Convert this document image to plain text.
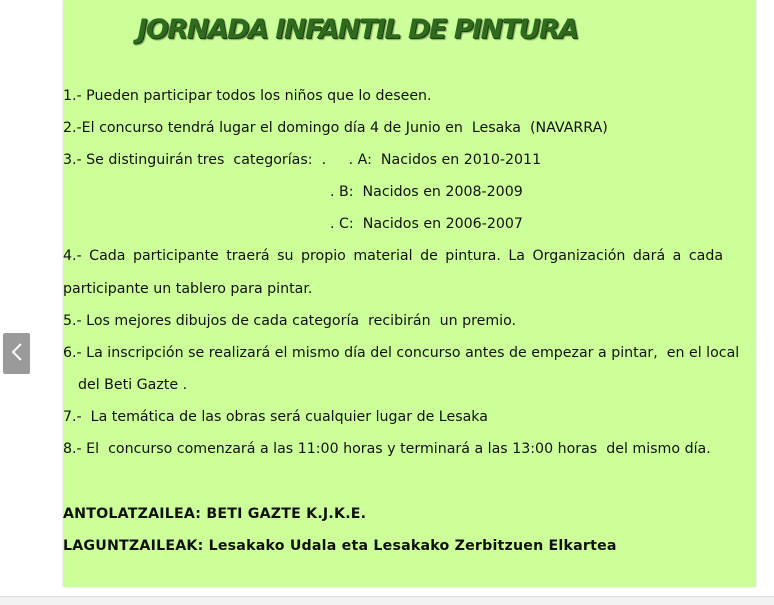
JORNADA INFANTIL DE PINTURA
1.- Pueden participar todos los niños que lo deseen.
2.-El concurso tendrá lugar el domingo día 4 de Junio en  Lesaka  (NAVARRA)
3.- Se distinguirán tres  categorías:  .     . A:  Nacidos en 2010-2011
. B:  Nacidos en 2008-2009
. C:  Nacidos en 2006-2007
4.- Cada participante traerá su propio material de pintura. La Organización dará a cada
participante un tablero para pintar.
5.- Los mejores dibujos de cada categoría  recibirán  un premio.
6.- La inscripción se realizará el mismo día del concurso antes de empezar a pintar,  en el local
del Beti Gazte .
7.-  La temática de las obras será cualquier lugar de Lesaka
8.- El  concurso comenzará a las 11:00 horas y terminará a las 13:00 horas  del mismo día.
ANTOLATZAILEA: BETI GAZTE K.J.K.E.
LAGUNTZAILEAK: Lesakako Udala eta Lesakako Zerbitzuen Elkartea
